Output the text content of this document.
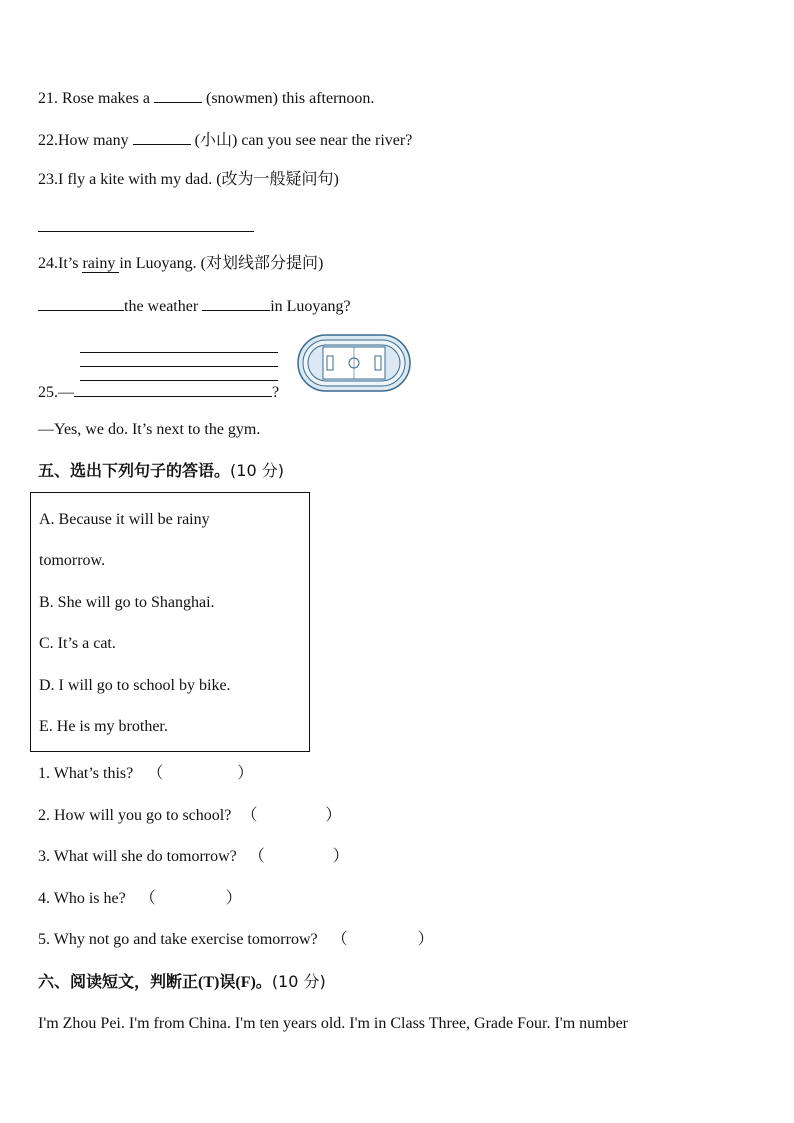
21. Rose makes a	(snowmen) this afternoon.
22.How many	(小山) can you see near the river?
23.I fly a kite with my dad. (改为一般疑问句)
24.It’s rainy in Luoyang. (对划线部分提问)
the weather	in Luoyang?
25.—	?
—Yes, we do. It’s next to the gym.
五、选出下列句子的答语。(10 分)
A. Because it will be rainy
tomorrow.
B. She will go to Shanghai.
C. It’s a cat.
D. I will go to school by bike.
E. He is my brother.
1. What’s this? （	）
2. How will you go to school? （	）
3. What will she do tomorrow? （	）
4. Who is he? （	）
5. Why not go and take exercise tomorrow? （	）
六、阅读短文，判断正(T)误(F)。(10 分)
I'm Zhou Pei. I'm from China. I'm ten years old. I'm in Class Three, Grade Four. I'm number
